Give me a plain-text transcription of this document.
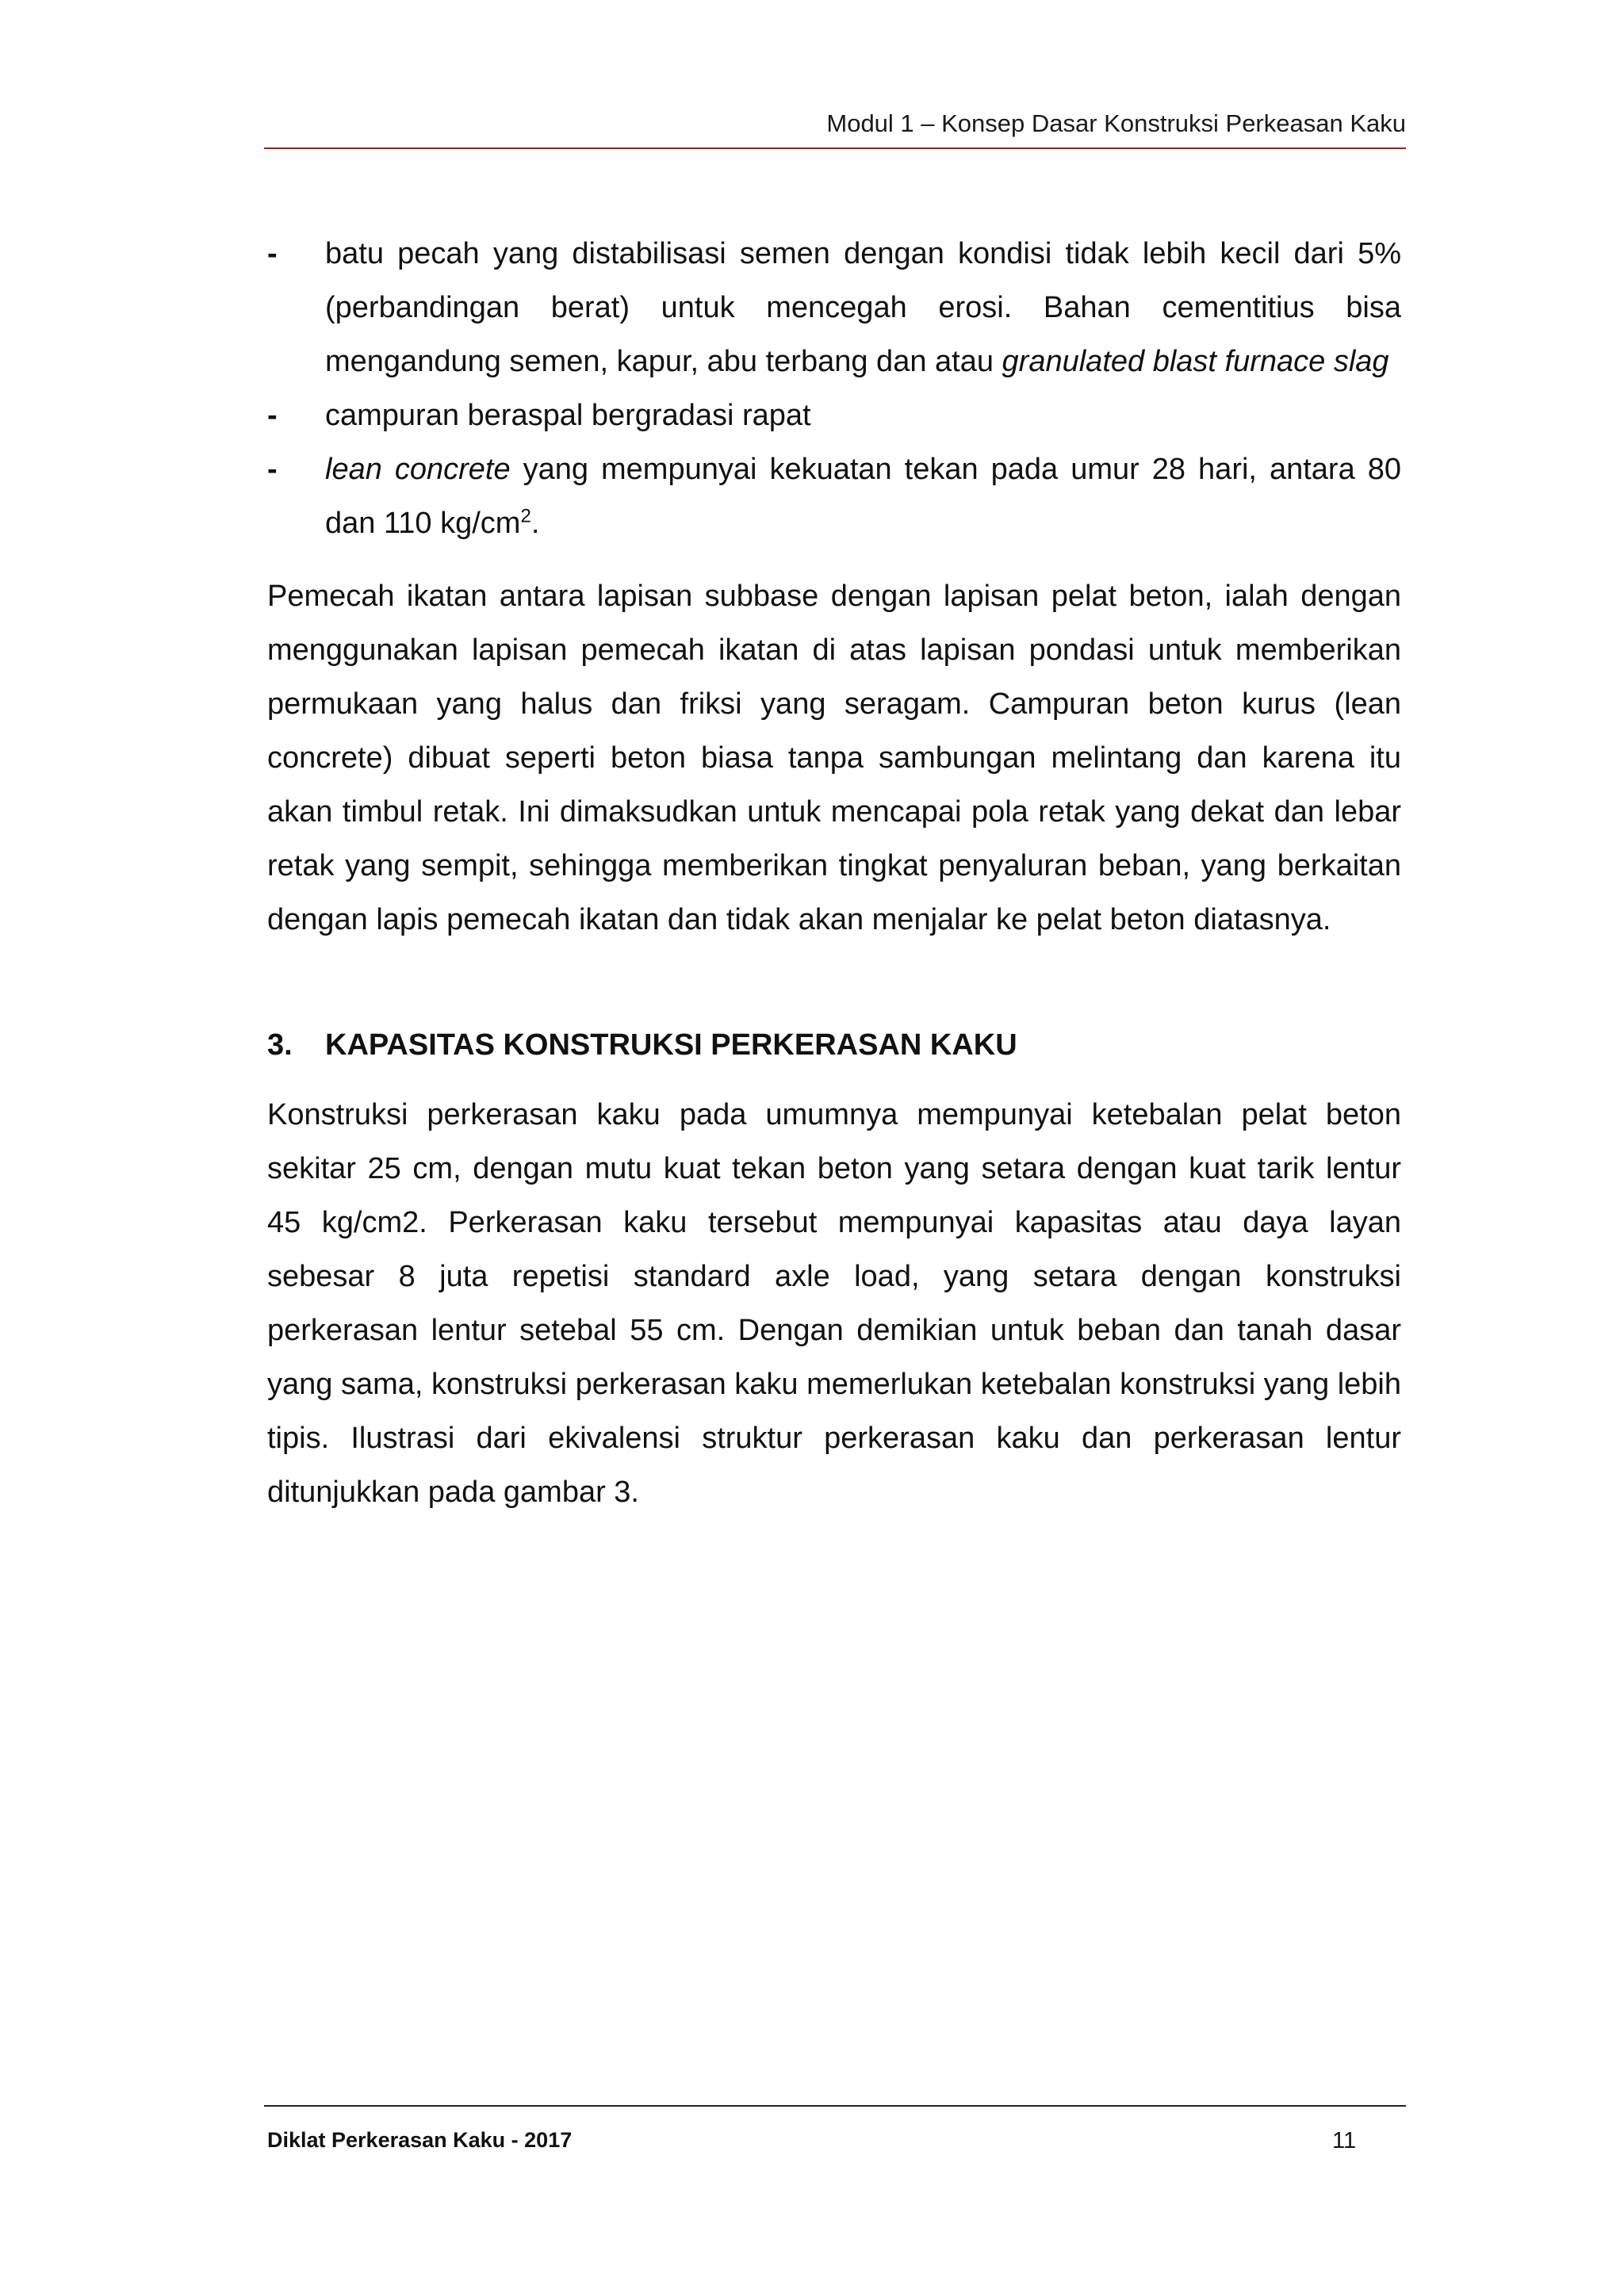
Modul 1 – Konsep Dasar Konstruksi Perkeasan Kaku
- batu pecah yang distabilisasi semen dengan kondisi tidak lebih kecil dari 5% (perbandingan berat) untuk mencegah erosi. Bahan cementitius bisa mengandung semen, kapur, abu terbang dan atau granulated blast furnace slag
- campuran beraspal bergradasi rapat
- lean concrete yang mempunyai kekuatan tekan pada umur 28 hari, antara 80 dan 110 $kg/cm^2$.

Pemecah ikatan antara lapisan subbase dengan lapisan pelat beton, ialah dengan menggunakan lapisan pemecah ikatan di atas lapisan pondasi untuk memberikan permukaan yang halus dan friksi yang seragam. Campuran beton kurus (lean concrete) dibuat seperti beton biasa tanpa sambungan melintang dan karena itu akan timbul retak. Ini dimaksudkan untuk mencapai pola retak yang dekat dan lebar retak yang sempit, sehingga memberikan tingkat penyaluran beban, yang berkaitan dengan lapis pemecah ikatan dan tidak akan menjalar ke pelat beton diatasnya.

3.	KAPASITAS KONSTRUKSI PERKERASAN KAKU

Konstruksi perkerasan kaku pada umumnya mempunyai ketebalan pelat beton sekitar 25 cm, dengan mutu kuat tekan beton yang setara dengan kuat tarik lentur 45 kg/cm2. Perkerasan kaku tersebut mempunyai kapasitas atau daya layan sebesar 8 juta repetisi standard axle load, yang setara dengan konstruksi perkerasan lentur setebal 55 cm. Dengan demikian untuk beban dan tanah dasar yang sama, konstruksi perkerasan kaku memerlukan ketebalan konstruksi yang lebih tipis. Ilustrasi dari ekivalensi struktur perkerasan kaku dan perkerasan lentur ditunjukkan pada gambar 3.

Diklat Perkerasan Kaku - 2017	11
